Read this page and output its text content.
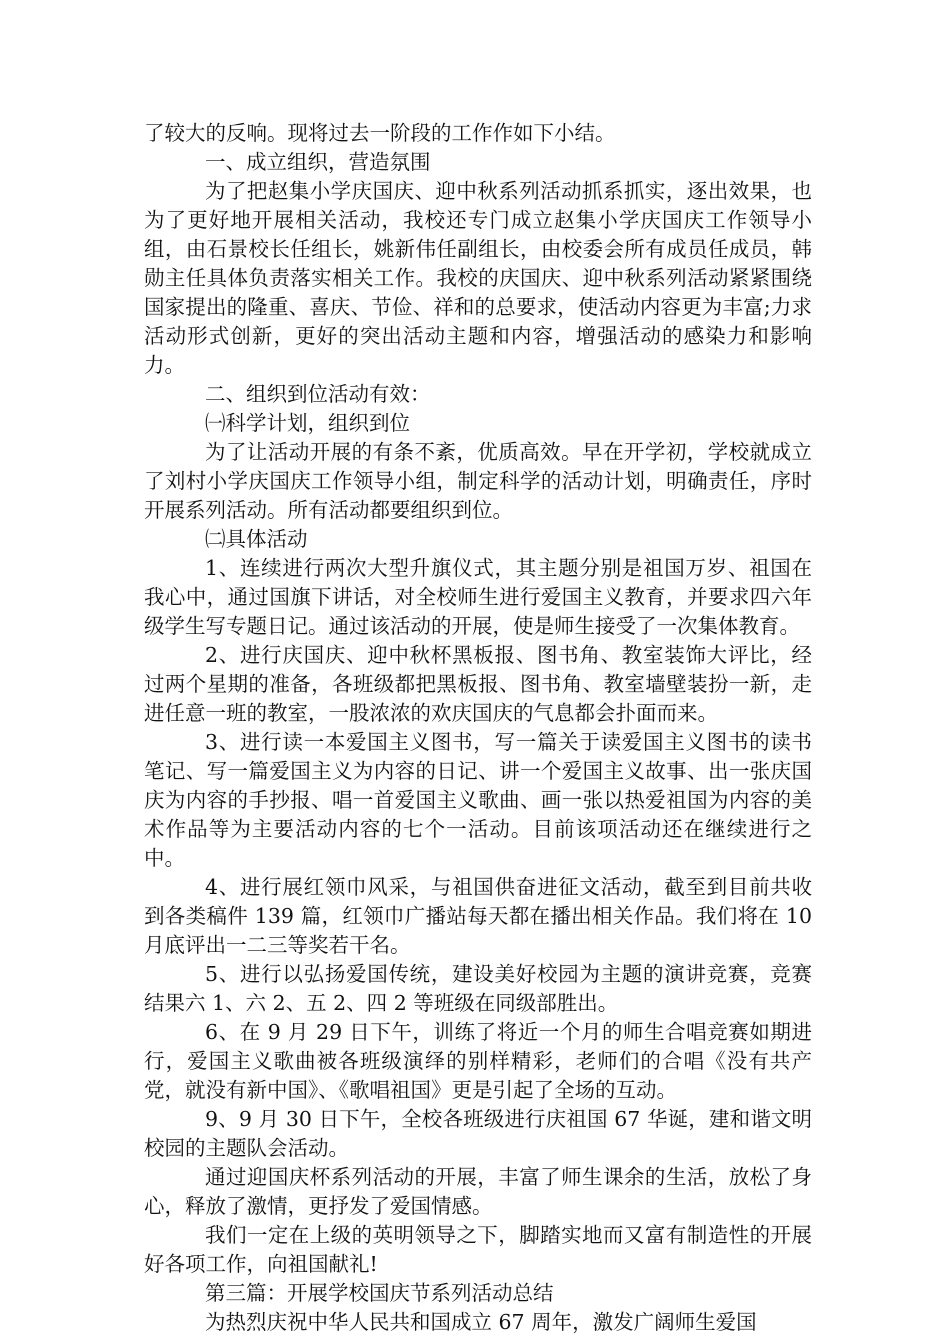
了较大的反响。现将过去一阶段的工作作如下小结。

一、成立组织，营造氛围

为了把赵集小学庆国庆、迎中秋系列活动抓系抓实，逐出效果，也为了更好地开展相关活动，我校还专门成立赵集小学庆国庆工作领导小组，由石景校长任组长，姚新伟任副组长，由校委会所有成员任成员，韩勋主任具体负责落实相关工作。我校的庆国庆、迎中秋系列活动紧紧围绕国家提出的隆重、喜庆、节俭、祥和的总要求，使活动内容更为丰富;力求活动形式创新，更好的突出活动主题和内容，增强活动的感染力和影响力。

二、组织到位活动有效：

㈠科学计划，组织到位

为了让活动开展的有条不紊，优质高效。早在开学初，学校就成立了刘村小学庆国庆工作领导小组，制定科学的活动计划，明确责任，序时开展系列活动。所有活动都要组织到位。

㈡具体活动

1、连续进行两次大型升旗仪式，其主题分别是祖国万岁、祖国在我心中，通过国旗下讲话，对全校师生进行爱国主义教育，并要求四六年级学生写专题日记。通过该活动的开展，使是师生接受了一次集体教育。

2、进行庆国庆、迎中秋杯黑板报、图书角、教室装饰大评比，经过两个星期的准备，各班级都把黑板报、图书角、教室墙壁装扮一新，走进任意一班的教室，一股浓浓的欢庆国庆的气息都会扑面而来。

3、进行读一本爱国主义图书，写一篇关于读爱国主义图书的读书笔记、写一篇爱国主义为内容的日记、讲一个爱国主义故事、出一张庆国庆为内容的手抄报、唱一首爱国主义歌曲、画一张以热爱祖国为内容的美术作品等为主要活动内容的七个一活动。目前该项活动还在继续进行之中。

4、进行展红领巾风采，与祖国供奋进征文活动，截至到目前共收到各类稿件 139 篇，红领巾广播站每天都在播出相关作品。我们将在 10 月底评出一二三等奖若干名。

5、进行以弘扬爱国传统，建设美好校园为主题的演讲竞赛，竞赛结果六 1、六 2、五 2、四 2 等班级在同级部胜出。

6、在 9 月 29 日下午，训练了将近一个月的师生合唱竞赛如期进行，爱国主义歌曲被各班级演绎的别样精彩，老师们的合唱《没有共产党，就没有新中国》、《歌唱祖国》更是引起了全场的互动。

9、9 月 30 日下午，全校各班级进行庆祖国 67 华诞，建和谐文明校园的主题队会活动。

通过迎国庆杯系列活动的开展，丰富了师生课余的生活，放松了身心，释放了激情，更抒发了爱国情感。

我们一定在上级的英明领导之下，脚踏实地而又富有制造性的开展好各项工作，向祖国献礼!

第三篇：开展学校国庆节系列活动总结

为热烈庆祝中华人民共和国成立 67 周年，激发广阔师生爱国
